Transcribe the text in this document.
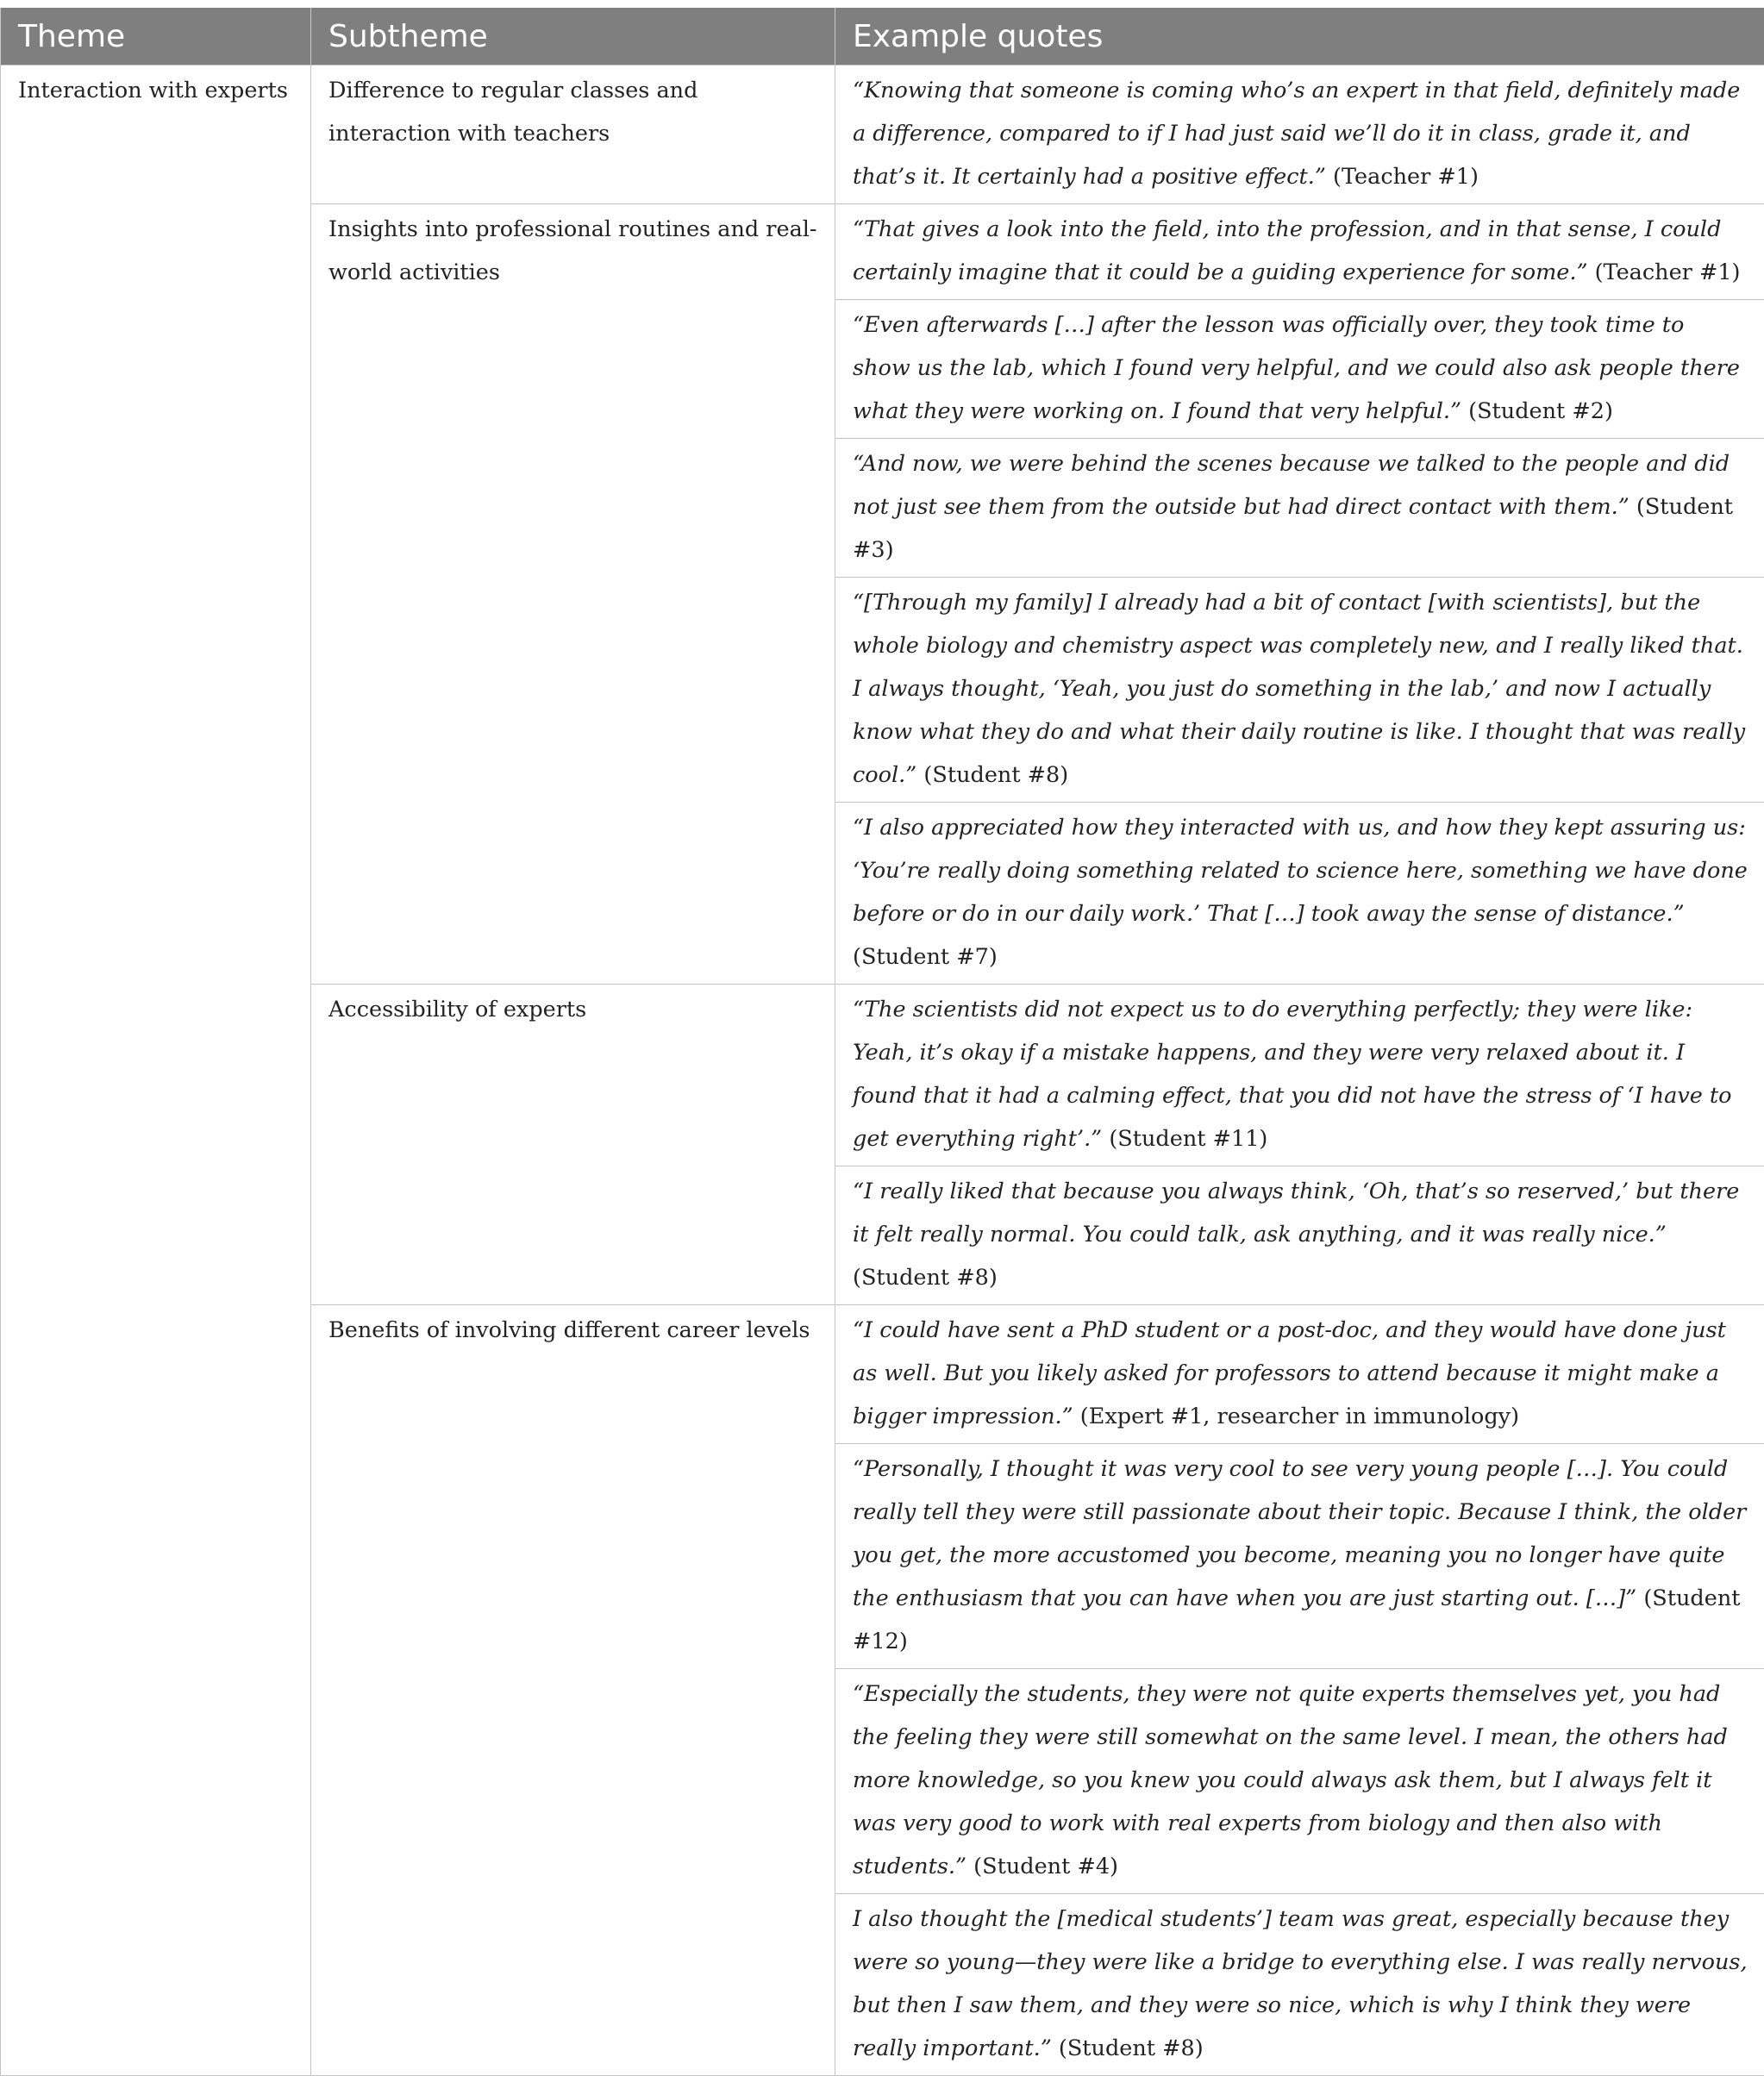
Theme	Subtheme	Example quotes
Interaction with experts	Difference to regular classes and interaction with teachers	“Knowing that someone is coming who’s an expert in that field, definitely made a difference, compared to if I had just said we’ll do it in class, grade it, and that’s it. It certainly had a positive effect.” (Teacher #1)
	Insights into professional routines and real-world activities	“That gives a look into the field, into the profession, and in that sense, I could certainly imagine that it could be a guiding experience for some.” (Teacher #1)
		“Even afterwards […] after the lesson was officially over, they took time to show us the lab, which I found very helpful, and we could also ask people there what they were working on. I found that very helpful.” (Student #2)
		“And now, we were behind the scenes because we talked to the people and did not just see them from the outside but had direct contact with them.” (Student #3)
		“[Through my family] I already had a bit of contact [with scientists], but the whole biology and chemistry aspect was completely new, and I really liked that. I always thought, ‘Yeah, you just do something in the lab,’ and now I actually know what they do and what their daily routine is like. I thought that was really cool.” (Student #8)
		“I also appreciated how they interacted with us, and how they kept assuring us: ‘You’re really doing something related to science here, something we have done before or do in our daily work.’ That […] took away the sense of distance.” (Student #7)
	Accessibility of experts	“The scientists did not expect us to do everything perfectly; they were like: Yeah, it’s okay if a mistake happens, and they were very relaxed about it. I found that it had a calming effect, that you did not have the stress of ‘I have to get everything right’.” (Student #11)
		“I really liked that because you always think, ‘Oh, that’s so reserved,’ but there it felt really normal. You could talk, ask anything, and it was really nice.” (Student #8)
	Benefits of involving different career levels	“I could have sent a PhD student or a post-doc, and they would have done just as well. But you likely asked for professors to attend because it might make a bigger impression.” (Expert #1, researcher in immunology)
		“Personally, I thought it was very cool to see very young people […]. You could really tell they were still passionate about their topic. Because I think, the older you get, the more accustomed you become, meaning you no longer have quite the enthusiasm that you can have when you are just starting out. […]” (Student #12)
		“Especially the students, they were not quite experts themselves yet, you had the feeling they were still somewhat on the same level. I mean, the others had more knowledge, so you knew you could always ask them, but I always felt it was very good to work with real experts from biology and then also with students.” (Student #4)
		I also thought the [medical students’] team was great, especially because they were so young—they were like a bridge to everything else. I was really nervous, but then I saw them, and they were so nice, which is why I think they were really important.” (Student #8)
